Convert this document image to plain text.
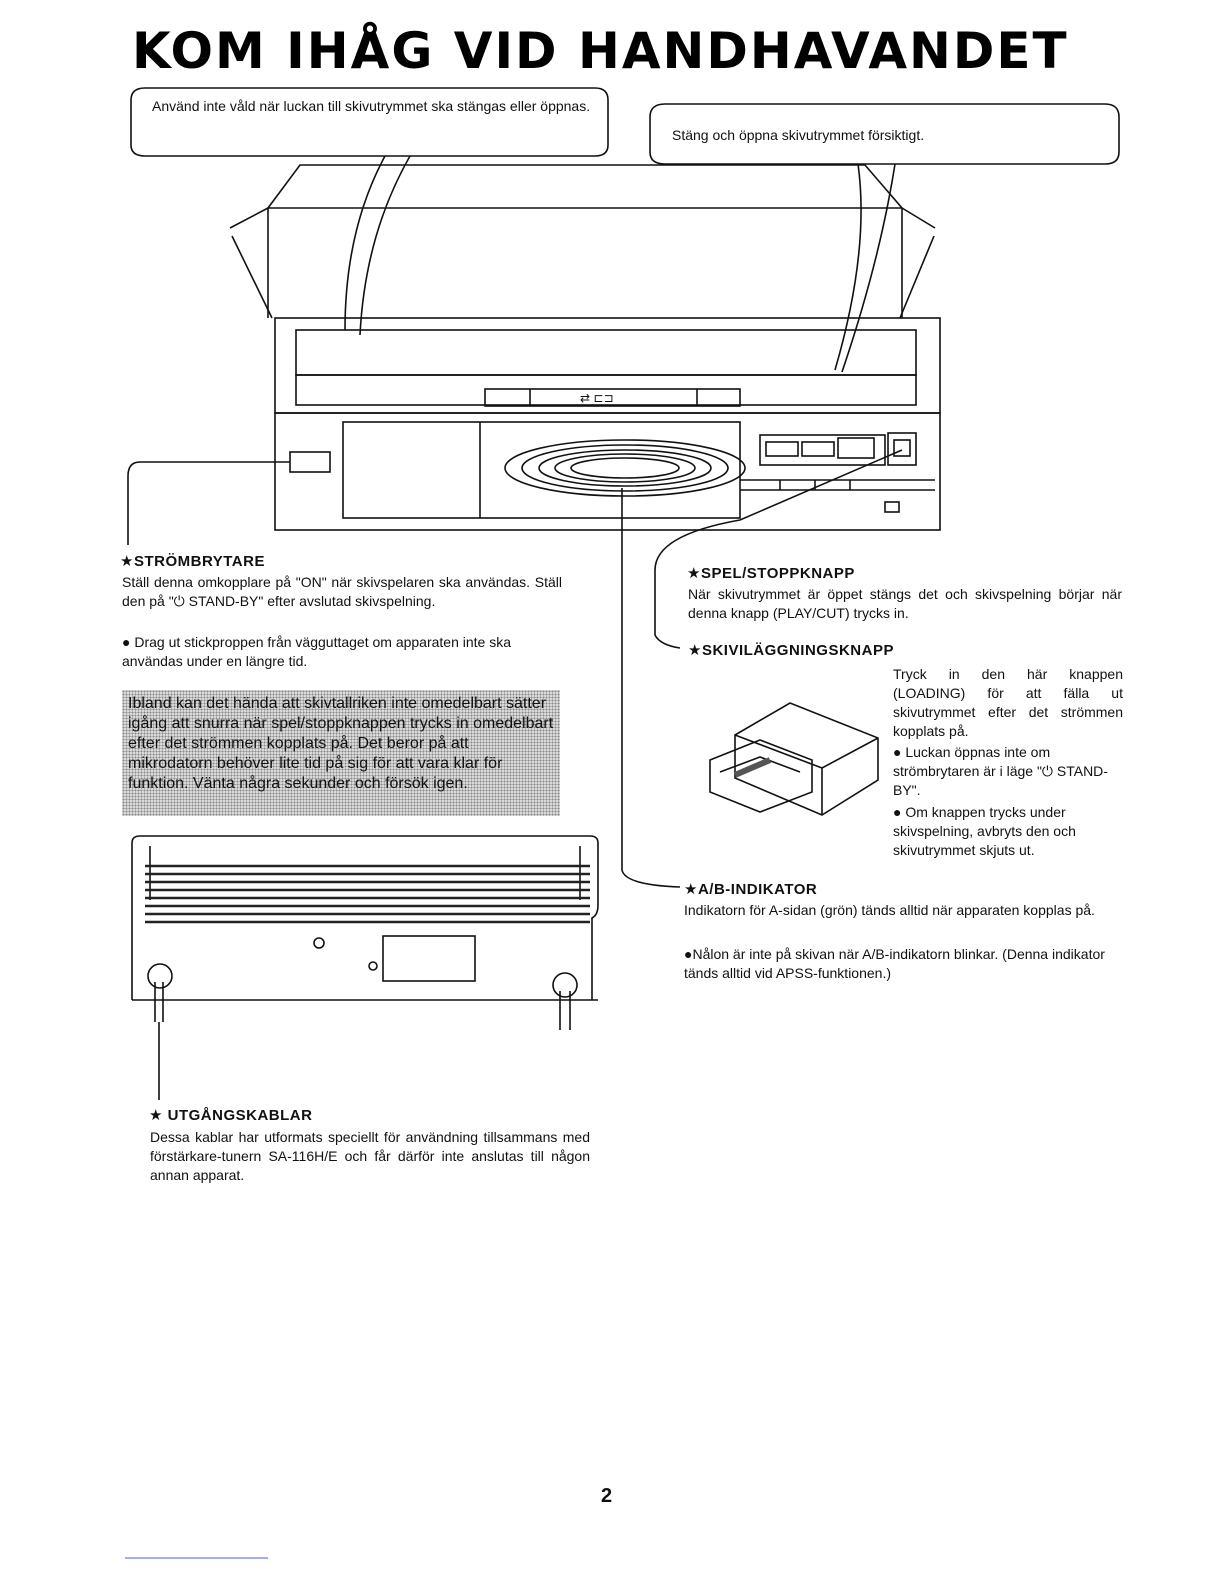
KOM IHÅG VID HANDHAVANDET
⇄ ⊏⊐
Använd inte våld när luckan till skivutrymmet ska stängas eller öppnas.
Stäng och öppna skivutrymmet försiktigt.
★STRÖMBRYTARE
Ställ denna omkopplare på "ON" när skivspelaren ska användas. Ställ den på "⏻ STAND-BY" efter avslutad skivspelning.
● Drag ut stickproppen från vägguttaget om apparaten inte ska användas under en längre tid.
Ibland kan det hända att skivtallriken inte omedelbart sätter igång att snurra när spel/stoppknappen trycks in omedelbart efter det strömmen kopplats på. Det beror på att mikrodatorn behöver lite tid på sig för att vara klar för funktion. Vänta några sekunder och försök igen.
★SPEL/STOPPKNAPP
När skivutrymmet är öppet stängs det och skivspelning börjar när denna knapp (PLAY/CUT) trycks in.
★SKIVILÄGGNINGSKNAPP
Tryck in den här knappen (LOADING) för att fälla ut skivutrymmet efter det strömmen kopplats på.
● Luckan öppnas inte om strömbrytaren är i läge "⏻ STAND-BY".
● Om knappen trycks under skivspelning, avbryts den och skivutrymmet skjuts ut.
★A/B-INDIKATOR
Indikatorn för A-sidan (grön) tänds alltid när apparaten kopplas på.
●Nålon är inte på skivan när A/B-indikatorn blinkar. (Denna indikator tänds alltid vid APSS-funktionen.)
★ UTGÅNGSKABLAR
Dessa kablar har utformats speciellt för användning tillsammans med förstärkare-tunern SA-116H/E och får därför inte anslutas till någon annan apparat.
2
